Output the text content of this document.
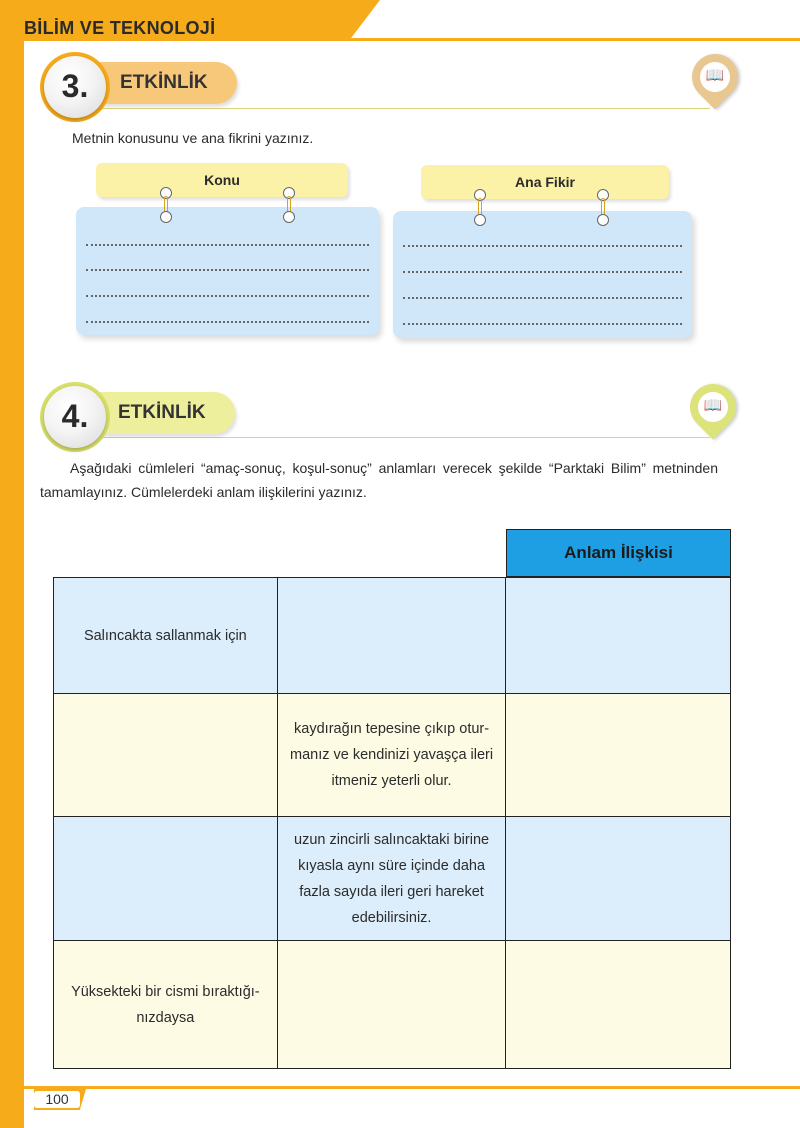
BİLİM VE TEKNOLOJİ
ETKİNLİK
3.	📖
Metnin konusunu ve ana fikrini yazınız.
Konu	Ana Fikir
ETKİNLİK
4.	📖
Aşağıdaki cümleleri “amaç-sonuç, koşul-sonuç” anlamları verecek şekilde “Parktaki Bilim” metninden tamamlayınız. Cümlelerdeki anlam ilişkilerini yazınız.
Anlam İlişkisi
Salıncakta sallanmak için		
	kaydırağın tepesine çıkıp otur-manız ve kendinizi yavaşça ileri itmeniz yeterli olur.	
	uzun zincirli salıncaktaki birine kıyasla aynı süre içinde daha fazla sayıda ileri geri hareket edebilirsiniz.	
Yüksekteki bir cismi bıraktığı-nızdaysa		
100
